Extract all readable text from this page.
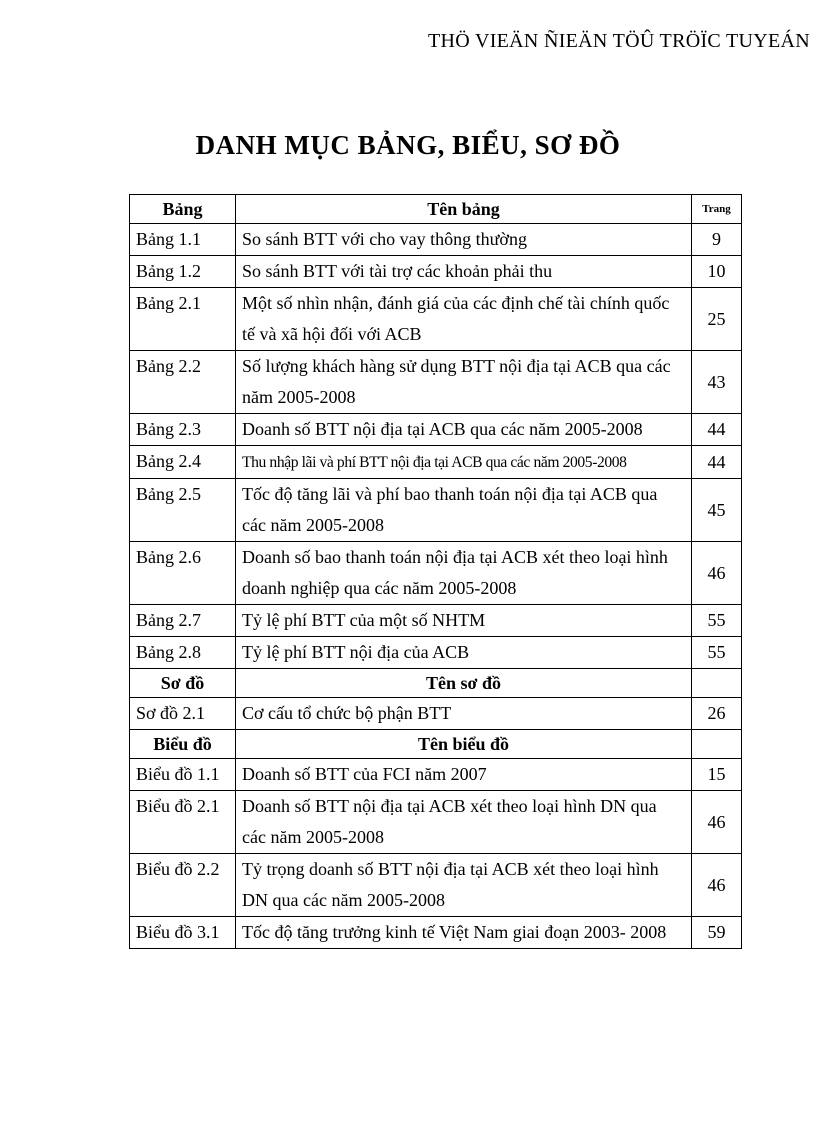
THÖ VIEÄN ÑIEÄN TÖÛ TRÖÏC TUYEÁN
DANH MỤC BẢNG, BIỂU, SƠ ĐỒ
Bảng	Tên bảng	Trang
Bảng 1.1	So sánh BTT với cho vay thông thường	9
Bảng 1.2	So sánh BTT với tài trợ các khoản phải thu	10
Bảng 2.1	Một số nhìn nhận, đánh giá của các định chế tài chính quốc tế và xã hội đối với ACB	25
Bảng 2.2	Số lượng khách hàng sử dụng BTT nội địa tại ACB qua các năm 2005-2008	43
Bảng 2.3	Doanh số BTT nội địa tại ACB qua các năm 2005-2008	44
Bảng 2.4	Thu nhập lãi và phí BTT nội địa tại ACB qua các năm 2005-2008	44
Bảng 2.5	Tốc độ tăng lãi và phí bao thanh toán nội địa tại ACB qua các năm 2005-2008	45
Bảng 2.6	Doanh số bao thanh toán nội địa tại ACB xét theo loại hình doanh nghiệp qua các năm 2005-2008	46
Bảng 2.7	Tỷ lệ phí BTT của một số NHTM	55
Bảng 2.8	Tỷ lệ phí BTT nội địa của ACB	55
Sơ đồ	Tên sơ đồ	
Sơ đồ 2.1	Cơ cấu tổ chức bộ phận BTT	26
Biểu đồ	Tên biểu đồ	
Biểu đồ 1.1	Doanh số BTT của FCI năm 2007	15
Biểu đồ 2.1	Doanh số BTT nội địa tại ACB xét theo loại hình DN qua các năm 2005-2008	46
Biểu đồ 2.2	Tỷ trọng doanh số BTT nội địa tại ACB xét theo loại hình DN qua các năm 2005-2008	46
Biểu đồ 3.1	Tốc độ tăng trưởng kinh tế Việt Nam giai đoạn 2003- 2008	59
